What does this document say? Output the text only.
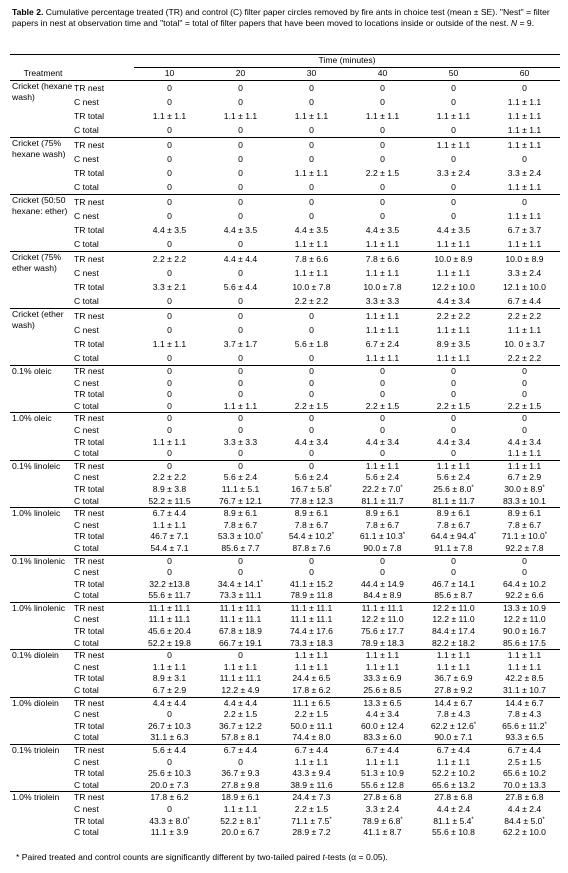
Table 2. Cumulative percentage treated (TR) and control (C) filter paper circles removed by fire ants in choice test (mean ± SE). "Nest" = filter papers in nest at observation time and "total" = total of filter papers that have been moved to locations inside or outside of the nest. N = 9.
		Time (minutes)					
Treatment		10	20	30	40	50	60
Cricket (hexane wash)	TR nest	0	0	0	0	0	0
	C nest	0	0	0	0	0	1.1 ± 1.1
	TR total	1.1 ± 1.1	1.1 ± 1.1	1.1 ± 1.1	1.1 ± 1.1	1.1 ± 1.1	1.1 ± 1.1
	C total	0	0	0	0	0	1.1 ± 1.1
Cricket (75% hexane wash)	TR nest	0	0	0	0	1.1 ± 1.1	1.1 ± 1.1
	C nest	0	0	0	0	0	0
	TR total	0	0	1.1 ± 1.1	2.2 ± 1.5	3.3 ± 2.4	3.3 ± 2.4
	C total	0	0	0	0	0	1.1 ± 1.1
Cricket (50:50 hexane: ether)	TR nest	0	0	0	0	0	0
	C nest	0	0	0	0	0	1.1 ± 1.1
	TR total	4.4 ± 3.5	4.4 ± 3.5	4.4 ± 3.5	4.4 ± 3.5	4.4 ± 3.5	6.7 ± 3.7
	C total	0	0	1.1 ± 1.1	1.1 ± 1.1	1.1 ± 1.1	1.1 ± 1.1
Cricket (75% ether wash)	TR nest	2.2 ± 2.2	4.4 ± 4.4	7.8 ± 6.6	7.8 ± 6.6	10.0 ± 8.9	10.0 ± 8.9
	C nest	0	0	1.1 ± 1.1	1.1 ± 1.1	1.1 ± 1.1	3.3 ± 2.4
	TR total	3.3 ± 2.1	5.6 ± 4.4	10.0 ± 7.8	10.0 ± 7.8	12.2 ± 10.0	12.1 ± 10.0
	C total	0	0	2.2 ± 2.2	3.3 ± 3.3	4.4 ± 3.4	6.7 ± 4.4
Cricket (ether wash)	TR nest	0	0	0	1.1 ± 1.1	2.2 ± 2.2	2.2 ± 2.2
	C nest	0	0	0	1.1 ± 1.1	1.1 ± 1.1	1.1 ± 1.1
	TR total	1.1 ± 1.1	3.7 ± 1.7	5.6 ± 1.8	6.7 ± 2.4	8.9 ± 3.5	10. 0 ± 3.7
	C total	0	0	0	1.1 ± 1.1	1.1 ± 1.1	2.2 ± 2.2
0.1% oleic	TR nest	0	0	0	0	0	0
	C nest	0	0	0	0	0	0
	TR total	0	0	0	0	0	0
	C total	0	1.1 ± 1.1	2.2 ± 1.5	2.2 ± 1.5	2.2 ± 1.5	2.2 ± 1.5
1.0% oleic	TR nest	0	0	0	0	0	0
	C nest	0	0	0	0	0	0
	TR total	1.1 ± 1.1	3.3 ± 3.3	4.4 ± 3.4	4.4 ± 3.4	4.4 ± 3.4	4.4 ± 3.4
	C total	0	0	0	0	0	1.1 ± 1.1
0.1% linoleic	TR nest	0	0	0	1.1 ± 1.1	1.1 ± 1.1	1.1 ± 1.1
	C nest	2.2 ± 2.2	5.6 ± 2.4	5.6 ± 2.4	5.6 ± 2.4	5.6 ± 2.4	6.7 ± 2.9
	TR total	8.9 ± 3.8	11.1 ± 5.1	16.7 ± 5.8*	22.2 ± 7.0*	25.6 ± 8.0*	30.0 ± 8.9*
	C total	52.2 ± 11.5	76.7 ± 12.1	77.8 ± 12.3	81.1 ± 11.7	81.1 ± 11.7	83.3 ± 10.1
1.0% linoleic	TR nest	6.7 ± 4.4	8.9 ± 6.1	8.9 ± 6.1	8.9 ± 6.1	8.9 ± 6.1	8.9 ± 6.1
	C nest	1.1 ± 1.1	7.8 ± 6.7	7.8 ± 6.7	7.8 ± 6.7	7.8 ± 6.7	7.8 ± 6.7
	TR total	46.7 ± 7.1	53.3 ± 10.0*	54.4 ± 10.2*	61.1 ± 10.3*	64.4 ± 94.4*	71.1 ± 10.0*
	C total	54.4 ± 7.1	85.6 ± 7.7	87.8 ± 7.6	90.0 ± 7.8	91.1 ± 7.8	92.2 ± 7.8
0.1% linolenic	TR nest	0	0	0	0	0	0
	C nest	0	0	0	0	0	0
	TR total	32.2 ±13.8	34.4 ± 14.1*	41.1 ± 15.2	44.4 ± 14.9	46.7 ± 14.1	64.4 ± 10.2
	C total	55.6 ± 11.7	73.3 ± 11.1	78.9 ± 11.8	84.4 ± 8.9	85.6 ± 8.7	92.2 ± 6.6
1.0% linolenic	TR nest	11.1 ± 11.1	11.1 ± 11.1	11.1 ± 11.1	11.1 ± 11.1	12.2 ± 11.0	13.3 ± 10.9
	C nest	11.1 ± 11.1	11.1 ± 11.1	11.1 ± 11.1	12.2 ± 11.0	12.2 ± 11.0	12.2 ± 11.0
	TR total	45.6 ± 20.4	67.8 ± 18.9	74.4 ± 17.6	75.6 ± 17.7	84.4 ± 17.4	90.0 ± 16.7
	C total	52.2 ± 19.8	66.7 ± 19.1	73.3 ± 18.3	78.9 ± 18.3	82.2 ± 18.2	85.6 ± 17.5
0.1% diolein	TR nest	0	0	1.1 ± 1.1	1.1 ± 1.1	1.1 ± 1.1	1.1 ± 1.1
	C nest	1.1 ± 1.1	1.1 ± 1.1	1.1 ± 1.1	1.1 ± 1.1	1.1 ± 1.1	1.1 ± 1.1
	TR total	8.9 ± 3.1	11.1 ± 11.1	24.4 ± 6.5	33.3 ± 6.9	36.7 ± 6.9	42.2 ± 8.5
	C total	6.7 ± 2.9	12.2 ± 4.9	17.8 ± 6.2	25.6 ± 8.5	27.8 ± 9.2	31.1 ± 10.7
1.0% diolein	TR nest	4.4 ± 4.4	4.4 ± 4.4	11.1 ± 6.5	13.3 ± 6.5	14.4 ± 6.7	14.4 ± 6.7
	C nest	0	2.2 ± 1.5	2.2 ± 1.5	4.4 ± 3.4	7.8 ± 4.3	7.8 ± 4.3
	TR total	26.7 ± 10.3	36.7 ± 12.2	50.0 ± 11.1	60.0 ± 12.4	62.2 ± 12.6*	65.6 ± 11.2*
	C total	31.1 ± 6.3	57.8 ± 8.1	74.4 ± 8.0	83.3 ± 6.0	90.0 ± 7.1	93.3 ± 6.5
0.1% triolein	TR nest	5.6 ± 4.4	6.7 ± 4.4	6.7 ± 4.4	6.7 ± 4.4	6.7 ± 4.4	6.7 ± 4.4
	C nest	0	0	1.1 ± 1.1	1.1 ± 1.1	1.1 ± 1.1	2.5 ± 1.5
	TR total	25.6 ± 10.3	36.7 ± 9.3	43.3 ± 9.4	51.3 ± 10.9	52.2 ± 10.2	65.6 ± 10.2
	C total	20.0 ± 7.3	27.8 ± 9.8	38.9 ± 11.6	55.6 ± 12.8	65.6 ± 13.2	70.0 ± 13.3
1.0% triolein	TR nest	17.8 ± 6.2	18.9 ± 6.1	24.4 ± 7.3	27.8 ± 6.8	27.8 ± 6.8	27.8 ± 6.8
	C nest	0	1.1 ± 1.1	2.2 ± 1.5	3.3 ± 2.4	4.4 ± 2.4	4.4 ± 2.4
	TR total	43.3 ± 8.0*	52.2 ± 8.1*	71.1 ± 7.5*	78.9 ± 6.8*	81.1 ± 5.4*	84.4 ± 5.0*
	C total	11.1 ± 3.9	20.0 ± 6.7	28.9 ± 7.2	41.1 ± 8.7	55.6 ± 10.8	62.2 ± 10.0
* Paired treated and control counts are significantly different by two-tailed paired t-tests (α = 0.05).
